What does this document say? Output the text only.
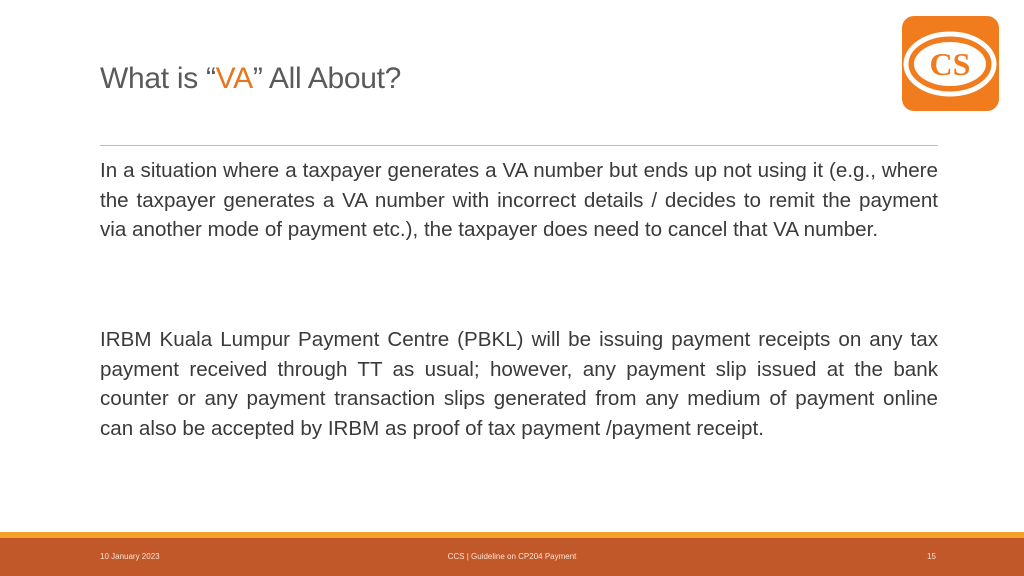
What is “VA” All About?	CS
In a situation where a taxpayer generates a VA number but ends up not using it (e.g., where the taxpayer generates a VA number with incorrect details / decides to remit the payment via another mode of payment etc.), the taxpayer does need to cancel that VA number.
IRBM Kuala Lumpur Payment Centre (PBKL) will be issuing payment receipts on any tax payment received through TT as usual; however, any payment slip issued at the bank counter or any payment transaction slips generated from any medium of payment online can also be accepted by IRBM as proof of tax payment /payment receipt.
10 January 2023	CCS | Guideline on CP204 Payment	15
